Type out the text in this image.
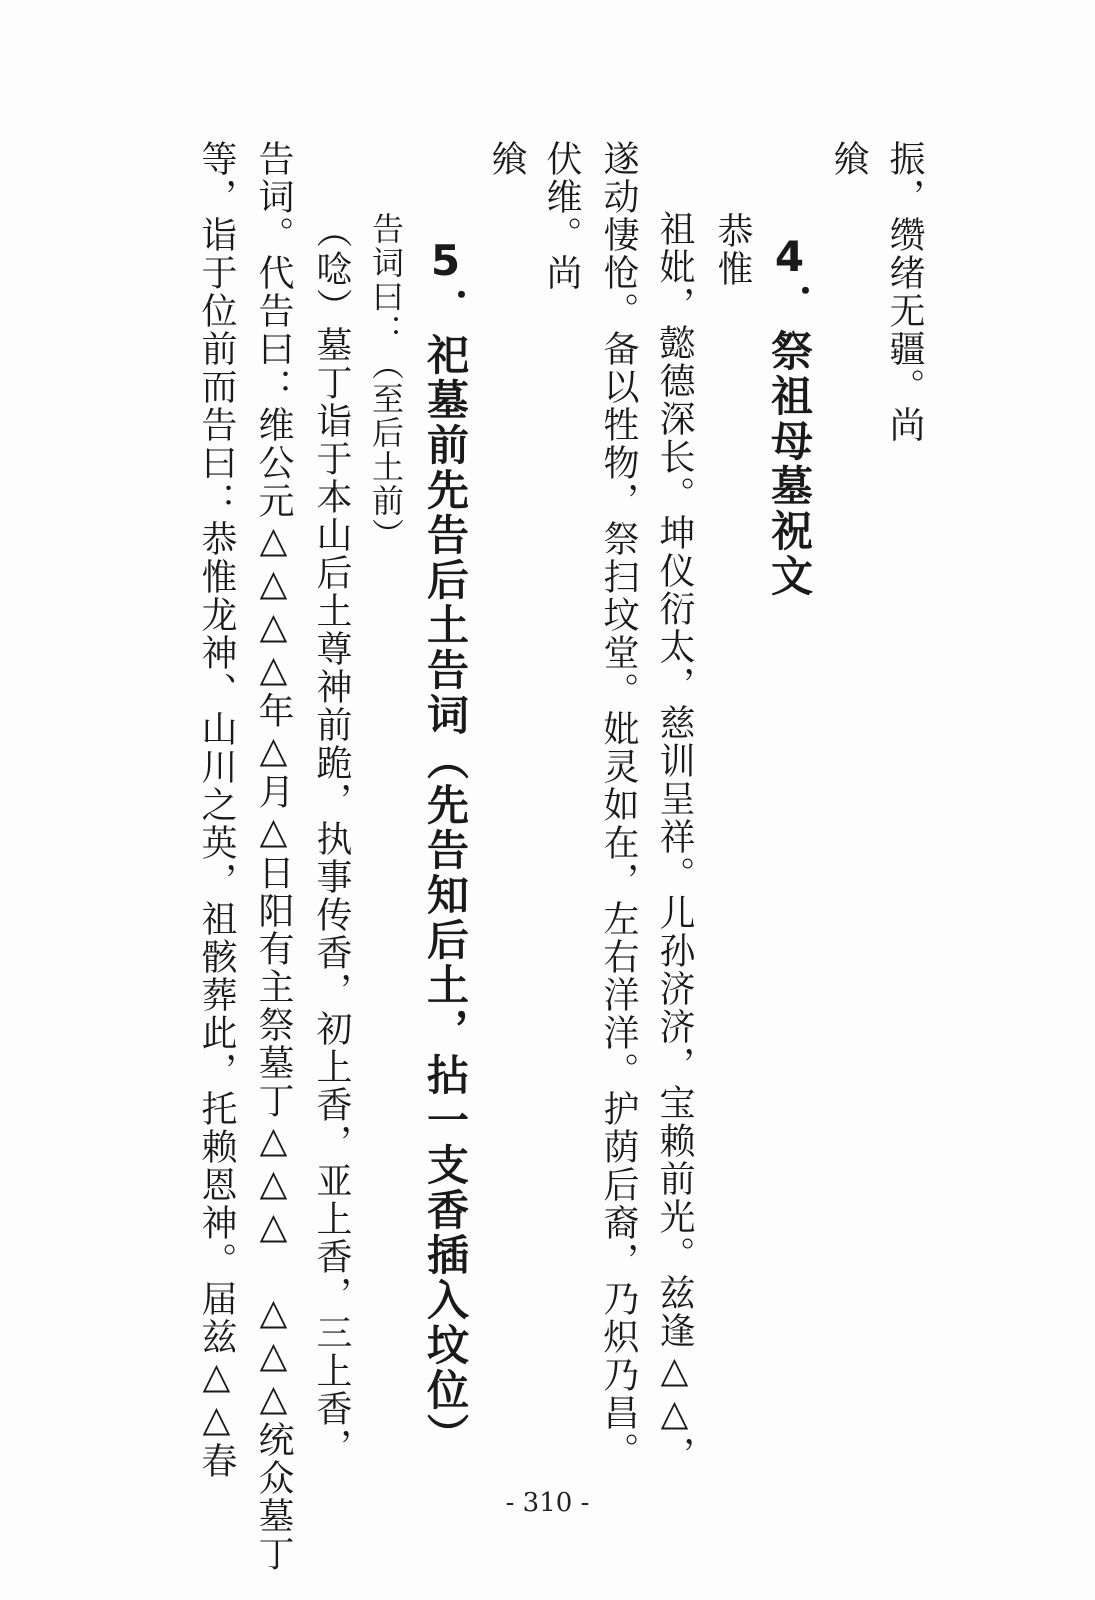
振，缵绪无疆。尚
飨
4．祭祖母墓祝文
恭惟
祖妣，懿德深长。坤仪衍太，慈训呈祥。儿孙济济，宝赖前光。兹逢△△，
遂动悽怆。备以牲物，祭扫坟堂。妣灵如在，左右洋洋。护荫后裔，乃炽乃昌。
伏维。尚
飨
5．祀墓前先告后土告词（先告知后土，拈一支香插入坟位）
告词曰：（至后土前）
（唸）墓丁诣于本山后土尊神前跪，执事传香，初上香，亚上香，三上香，
告词。代告曰：维公元△△△△年△月△日阳有主祭墓丁△△△ △△△统众墓丁
等，诣于位前而告曰：恭惟龙神、山川之英，祖骸葬此，托赖恩神。届兹△△春
- 310 -
